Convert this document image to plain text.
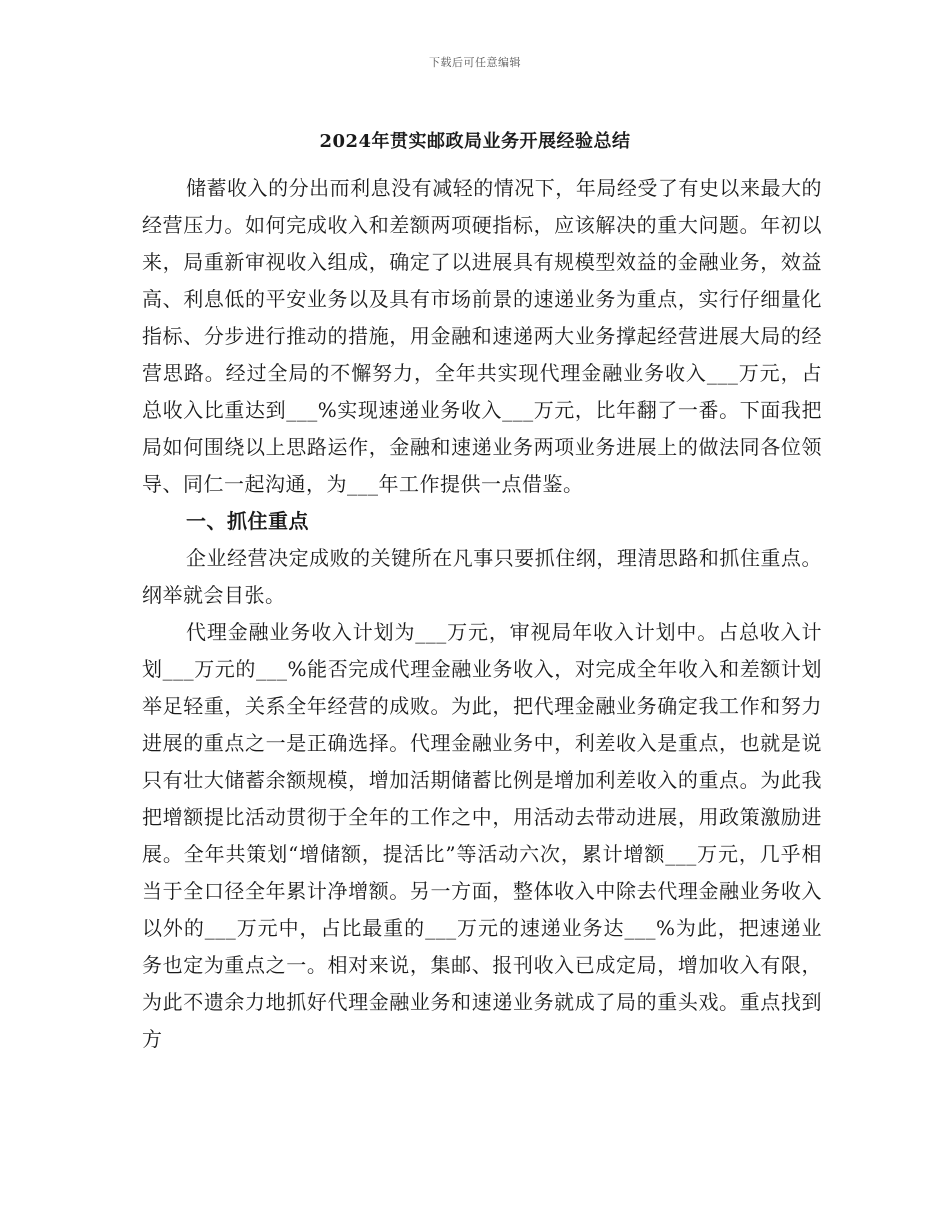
下载后可任意编辑
2024年贯实邮政局业务开展经验总结

储蓄收入的分出而利息没有减轻的情况下，年局经受了有史以来最大的经营压力。如何完成收入和差额两项硬指标，应该解决的重大问题。年初以来，局重新审视收入组成，确定了以进展具有规模型效益的金融业务，效益高、利息低的平安业务以及具有市场前景的速递业务为重点，实行仔细量化指标、分步进行推动的措施，用金融和速递两大业务撑起经营进展大局的经营思路。经过全局的不懈努力，全年共实现代理金融业务收入___万元，占总收入比重达到___%实现速递业务收入___万元，比年翻了一番。下面我把局如何围绕以上思路运作，金融和速递业务两项业务进展上的做法同各位领导、同仁一起沟通，为___年工作提供一点借鉴。

一、抓住重点

企业经营决定成败的关键所在凡事只要抓住纲，理清思路和抓住重点。纲举就会目张。

代理金融业务收入计划为___万元，审视局年收入计划中。占总收入计划___万元的___%能否完成代理金融业务收入，对完成全年收入和差额计划举足轻重，关系全年经营的成败。为此，把代理金融业务确定我工作和努力进展的重点之一是正确选择。代理金融业务中，利差收入是重点，也就是说只有壮大储蓄余额规模，增加活期储蓄比例是增加利差收入的重点。为此我把增额提比活动贯彻于全年的工作之中，用活动去带动进展，用政策激励进展。全年共策划“增储额，提活比”等活动六次，累计增额___万元，几乎相当于全口径全年累计净增额。另一方面，整体收入中除去代理金融业务收入以外的___万元中，占比最重的___万元的速递业务达___%为此，把速递业务也定为重点之一。相对来说，集邮、报刊收入已成定局，增加收入有限，为此不遗余力地抓好代理金融业务和速递业务就成了局的重头戏。重点找到方
